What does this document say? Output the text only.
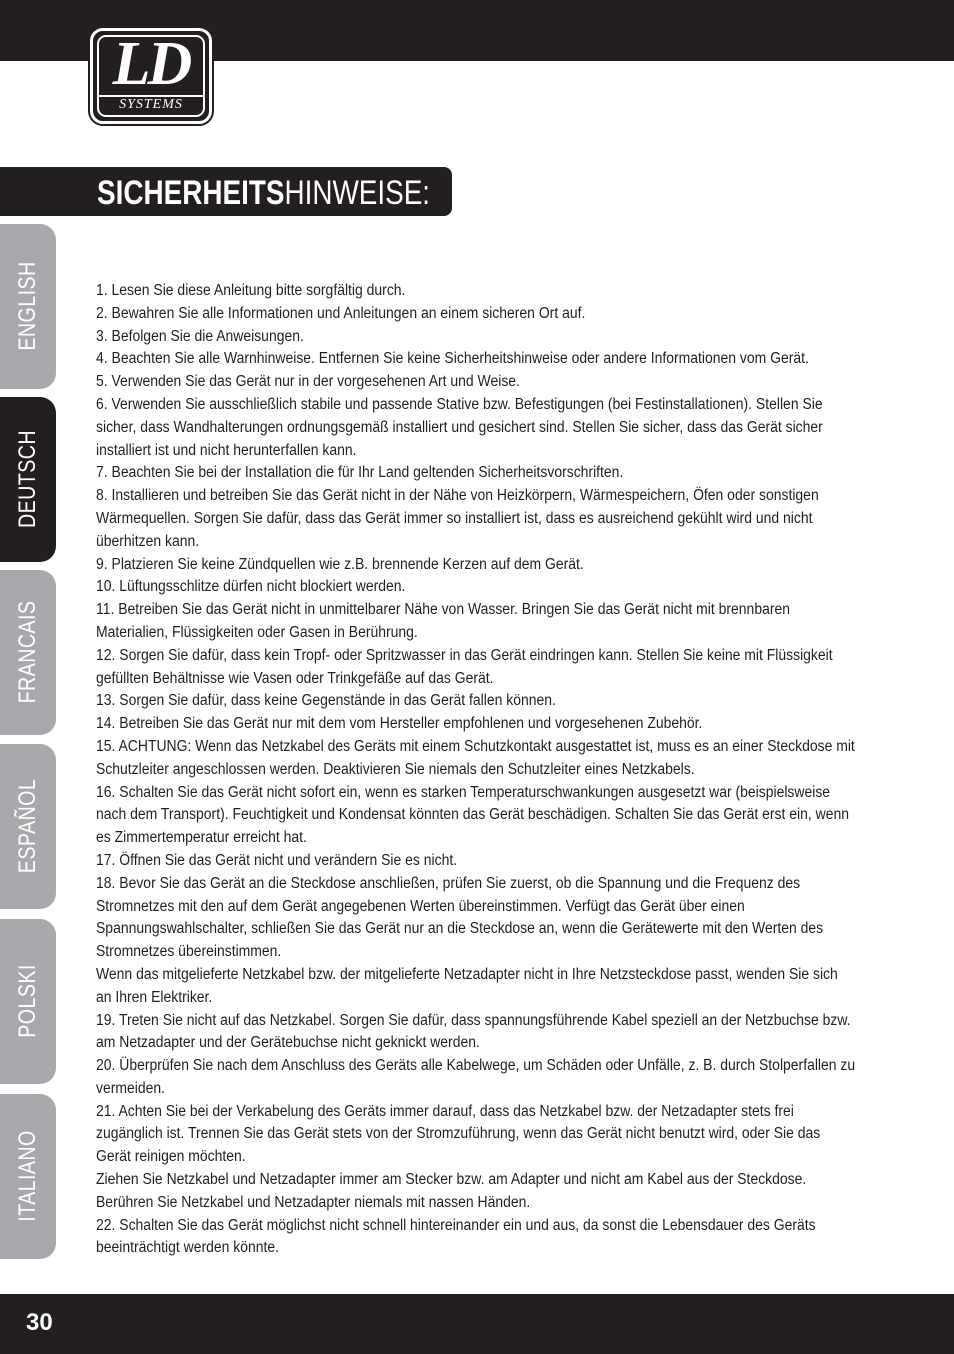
LD
SYSTEMS
SICHERHEITSHINWEISE:
ENGLISH
DEUTSCH
FRANCAIS
ESPAÑOL
POLSKI
ITALIANO

1. Lesen Sie diese Anleitung bitte sorgfältig durch.

2. Bewahren Sie alle Informationen und Anleitungen an einem sicheren Ort auf.

3. Befolgen Sie die Anweisungen.

4. Beachten Sie alle Warnhinweise. Entfernen Sie keine Sicherheitshinweise oder andere Informationen vom Gerät.

5. Verwenden Sie das Gerät nur in der vorgesehenen Art und Weise.

6. Verwenden Sie ausschließlich stabile und passende Stative bzw. Befestigungen (bei Festinstallationen). Stellen Sie sicher, dass Wandhalterungen ordnungsgemäß installiert und gesichert sind. Stellen Sie sicher, dass das Gerät sicher installiert ist und nicht herunterfallen kann.

7. Beachten Sie bei der Installation die für Ihr Land geltenden Sicherheitsvorschriften.

8. Installieren und betreiben Sie das Gerät nicht in der Nähe von Heizkörpern, Wärmespeichern, Öfen oder sonstigen Wärmequellen. Sorgen Sie dafür, dass das Gerät immer so installiert ist, dass es ausreichend gekühlt wird und nicht überhitzen kann.

9. Platzieren Sie keine Zündquellen wie z.B. brennende Kerzen auf dem Gerät.

10. Lüftungsschlitze dürfen nicht blockiert werden.

11. Betreiben Sie das Gerät nicht in unmittelbarer Nähe von Wasser. Bringen Sie das Gerät nicht mit brennbaren Materialien, Flüssigkeiten oder Gasen in Berührung.

12. Sorgen Sie dafür, dass kein Tropf- oder Spritzwasser in das Gerät eindringen kann. Stellen Sie keine mit Flüssigkeit gefüllten Behältnisse wie Vasen oder Trinkgefäße auf das Gerät.

13. Sorgen Sie dafür, dass keine Gegenstände in das Gerät fallen können.

14. Betreiben Sie das Gerät nur mit dem vom Hersteller empfohlenen und vorgesehenen Zubehör.

15. ACHTUNG: Wenn das Netzkabel des Geräts mit einem Schutzkontakt ausgestattet ist, muss es an einer Steckdose mit Schutzleiter angeschlossen werden. Deaktivieren Sie niemals den Schutzleiter eines Netzkabels.

16. Schalten Sie das Gerät nicht sofort ein, wenn es starken Temperaturschwankungen ausgesetzt war (beispielsweise nach dem Transport). Feuchtigkeit und Kondensat könnten das Gerät beschädigen. Schalten Sie das Gerät erst ein, wenn es Zimmertemperatur erreicht hat.

17. Öffnen Sie das Gerät nicht und verändern Sie es nicht.

18. Bevor Sie das Gerät an die Steckdose anschließen, prüfen Sie zuerst, ob die Spannung und die Frequenz des Stromnetzes mit den auf dem Gerät angegebenen Werten übereinstimmen. Verfügt das Gerät über einen Spannungswahlschalter, schließen Sie das Gerät nur an die Steckdose an, wenn die Gerätewerte mit den Werten des Stromnetzes übereinstimmen.

Wenn das mitgelieferte Netzkabel bzw. der mitgelieferte Netzadapter nicht in Ihre Netzsteckdose passt, wenden Sie sich an Ihren Elektriker.

19. Treten Sie nicht auf das Netzkabel. Sorgen Sie dafür, dass spannungsführende Kabel speziell an der Netzbuchse bzw. am Netzadapter und der Gerätebuchse nicht geknickt werden.

20. Überprüfen Sie nach dem Anschluss des Geräts alle Kabelwege, um Schäden oder Unfälle, z. B. durch Stolperfallen zu vermeiden.

21. Achten Sie bei der Verkabelung des Geräts immer darauf, dass das Netzkabel bzw. der Netzadapter stets frei zugänglich ist. Trennen Sie das Gerät stets von der Stromzuführung, wenn das Gerät nicht benutzt wird, oder Sie das Gerät reinigen möchten.

Ziehen Sie Netzkabel und Netzadapter immer am Stecker bzw. am Adapter und nicht am Kabel aus der Steckdose. Berühren Sie Netzkabel und Netzadapter niemals mit nassen Händen.

22. Schalten Sie das Gerät möglichst nicht schnell hintereinander ein und aus, da sonst die Lebensdauer des Geräts beeinträchtigt werden könnte.

30
